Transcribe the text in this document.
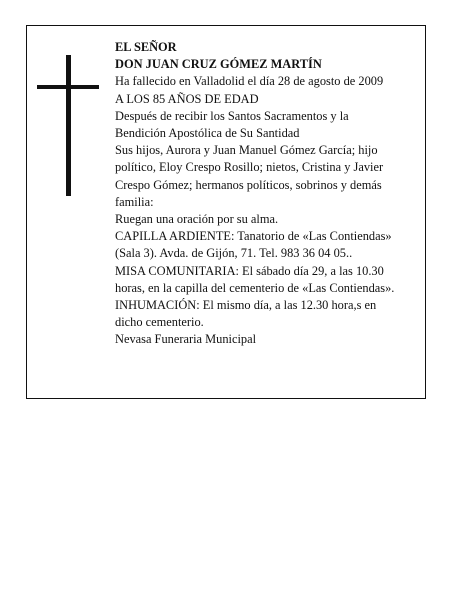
EL SEÑOR
DON JUAN CRUZ GÓMEZ MARTÍN
Ha fallecido en Valladolid el día 28 de agosto de 2009
A LOS 85 AÑOS DE EDAD
Después de recibir los Santos Sacramentos y la
Bendición Apostólica de Su Santidad
Sus hijos, Aurora y Juan Manuel Gómez García; hijo
político, Eloy Crespo Rosillo; nietos, Cristina y Javier
Crespo Gómez; hermanos políticos, sobrinos y demás
familia:
Ruegan una oración por su alma.
CAPILLA ARDIENTE: Tanatorio de «Las Contiendas»
(Sala 3). Avda. de Gijón, 71. Tel. 983 36 04 05..
MISA COMUNITARIA: El sábado día 29, a las 10.30
horas, en la capilla del cementerio de «Las Contiendas».
INHUMACIÓN: El mismo día, a las 12.30 hora,s en
dicho cementerio.
Nevasa Funeraria Municipal
